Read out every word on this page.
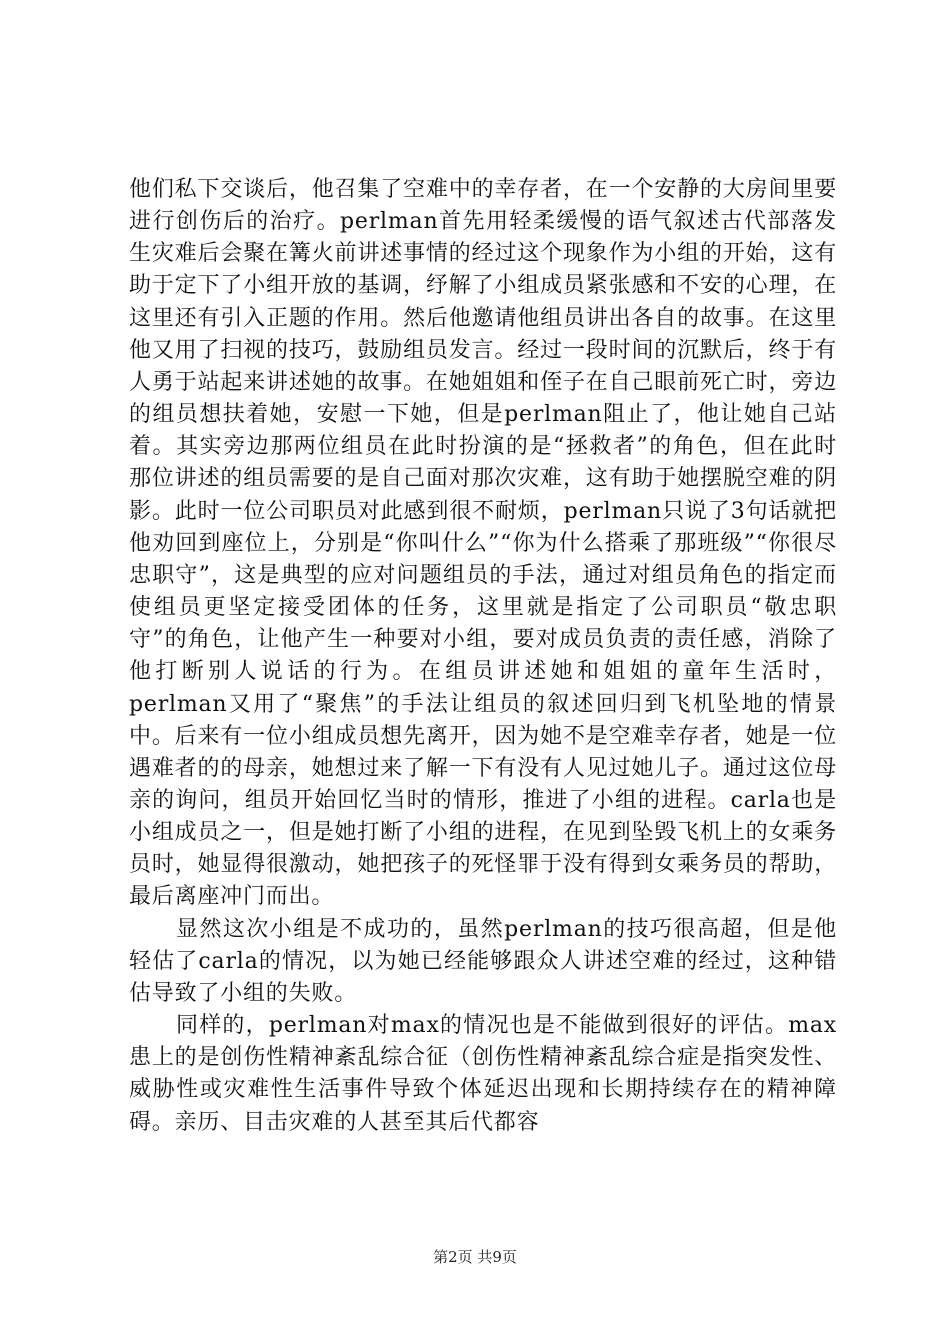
他们私下交谈后，他召集了空难中的幸存者，在一个安静的大房间里要进行创伤后的治疗。perlman首先用轻柔缓慢的语气叙述古代部落发生灾难后会聚在篝火前讲述事情的经过这个现象作为小组的开始，这有助于定下了小组开放的基调，纾解了小组成员紧张感和不安的心理，在这里还有引入正题的作用。然后他邀请他组员讲出各自的故事。在这里他又用了扫视的技巧，鼓励组员发言。经过一段时间的沉默后，终于有人勇于站起来讲述她的故事。在她姐姐和侄子在自己眼前死亡时，旁边的组员想扶着她，安慰一下她，但是perlman阻止了，他让她自己站着。其实旁边那两位组员在此时扮演的是“拯救者”的角色，但在此时那位讲述的组员需要的是自己面对那次灾难，这有助于她摆脱空难的阴影。此时一位公司职员对此感到很不耐烦，perlman只说了3句话就把他劝回到座位上，分别是“你叫什么”“你为什么搭乘了那班级”“你很尽忠职守”，这是典型的应对问题组员的手法，通过对组员角色的指定而使组员更坚定接受团体的任务，这里就是指定了公司职员“敬忠职守”的角色，让他产生一种要对小组，要对成员负责的责任感，消除了他打断别人说话的行为。在组员讲述她和姐姐的童年生活时，perlman又用了“聚焦”的手法让组员的叙述回归到飞机坠地的情景中。后来有一位小组成员想先离开，因为她不是空难幸存者，她是一位遇难者的的母亲，她想过来了解一下有没有人见过她儿子。通过这位母亲的询问，组员开始回忆当时的情形，推进了小组的进程。carla也是小组成员之一，但是她打断了小组的进程，在见到坠毁飞机上的女乘务员时，她显得很激动，她把孩子的死怪罪于没有得到女乘务员的帮助，最后离座冲门而出。

显然这次小组是不成功的，虽然perlman的技巧很高超，但是他轻估了carla的情况，以为她已经能够跟众人讲述空难的经过，这种错估导致了小组的失败。

同样的，perlman对max的情况也是不能做到很好的评估。max患上的是创伤性精神紊乱综合征（创伤性精神紊乱综合症是指突发性、威胁性或灾难性生活事件导致个体延迟出现和长期持续存在的精神障碍。亲历、目击灾难的人甚至其后代都容

第2页 共9页
